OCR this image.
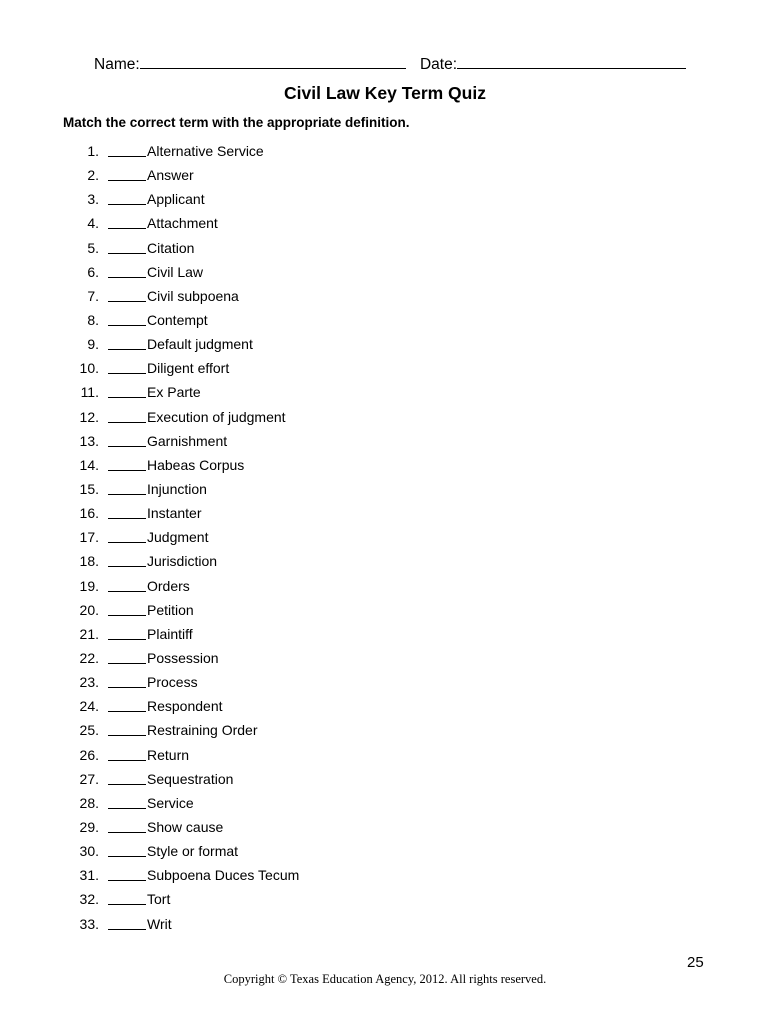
Name:	Date:
Civil Law Key Term Quiz
Match the correct term with the appropriate definition.
1.	Alternative Service
2.	Answer
3.	Applicant
4.	Attachment
5.	Citation
6.	Civil Law
7.	Civil subpoena
8.	Contempt
9.	Default judgment
10.	Diligent effort
11.	Ex Parte
12.	Execution of judgment
13.	Garnishment
14.	Habeas Corpus
15.	Injunction
16.	Instanter
17.	Judgment
18.	Jurisdiction
19.	Orders
20.	Petition
21.	Plaintiff
22.	Possession
23.	Process
24.	Respondent
25.	Restraining Order
26.	Return
27.	Sequestration
28.	Service
29.	Show cause
30.	Style or format
31.	Subpoena Duces Tecum
32.	Tort
33.	Writ
25
Copyright © Texas Education Agency, 2012. All rights reserved.
